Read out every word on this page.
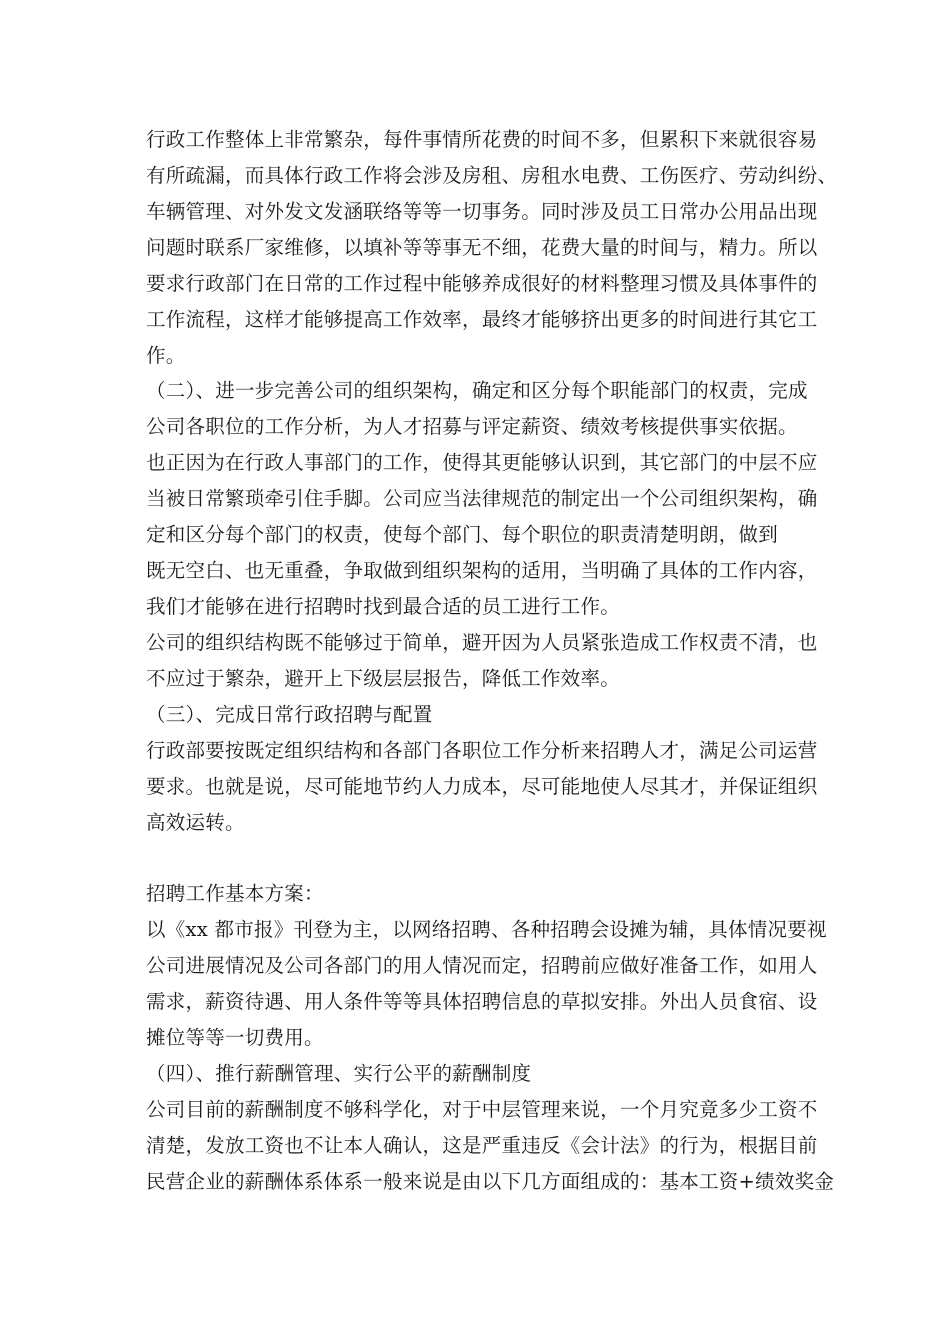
行政工作整体上非常繁杂，每件事情所花费的时间不多，但累积下来就很容易
有所疏漏，而具体行政工作将会涉及房租、房租水电费、工伤医疗、劳动纠纷、
车辆管理、对外发文发涵联络等等一切事务。同时涉及员工日常办公用品出现
问题时联系厂家维修，以填补等等事无不细，花费大量的时间与，精力。所以
要求行政部门在日常的工作过程中能够养成很好的材料整理习惯及具体事件的
工作流程，这样才能够提高工作效率，最终才能够挤出更多的时间进行其它工
作。
（二）、进一步完善公司的组织架构，确定和区分每个职能部门的权责，完成
公司各职位的工作分析，为人才招募与评定薪资、绩效考核提供事实依据。
也正因为在行政人事部门的工作，使得其更能够认识到，其它部门的中层不应
当被日常繁琐牵引住手脚。公司应当法律规范的制定出一个公司组织架构，确
定和区分每个部门的权责，使每个部门、每个职位的职责清楚明朗，做到
既无空白、也无重叠，争取做到组织架构的适用，当明确了具体的工作内容，
我们才能够在进行招聘时找到最合适的员工进行工作。
公司的组织结构既不能够过于简单，避开因为人员紧张造成工作权责不清，也
不应过于繁杂，避开上下级层层报告，降低工作效率。
（三）、完成日常行政招聘与配置
行政部要按既定组织结构和各部门各职位工作分析来招聘人才，满足公司运营
要求。也就是说，尽可能地节约人力成本，尽可能地使人尽其才，并保证组织
高效运转。
招聘工作基本方案：
以《xx 都市报》刊登为主，以网络招聘、各种招聘会设摊为辅，具体情况要视
公司进展情况及公司各部门的用人情况而定，招聘前应做好准备工作，如用人
需求，薪资待遇、用人条件等等具体招聘信息的草拟安排。外出人员食宿、设
摊位等等一切费用。
（四）、推行薪酬管理、实行公平的薪酬制度
公司目前的薪酬制度不够科学化，对于中层管理来说，一个月究竟多少工资不
清楚，发放工资也不让本人确认，这是严重违反《会计法》的行为，根据目前
民营企业的薪酬体系体系一般来说是由以下几方面组成的：基本工资+绩效奖金
